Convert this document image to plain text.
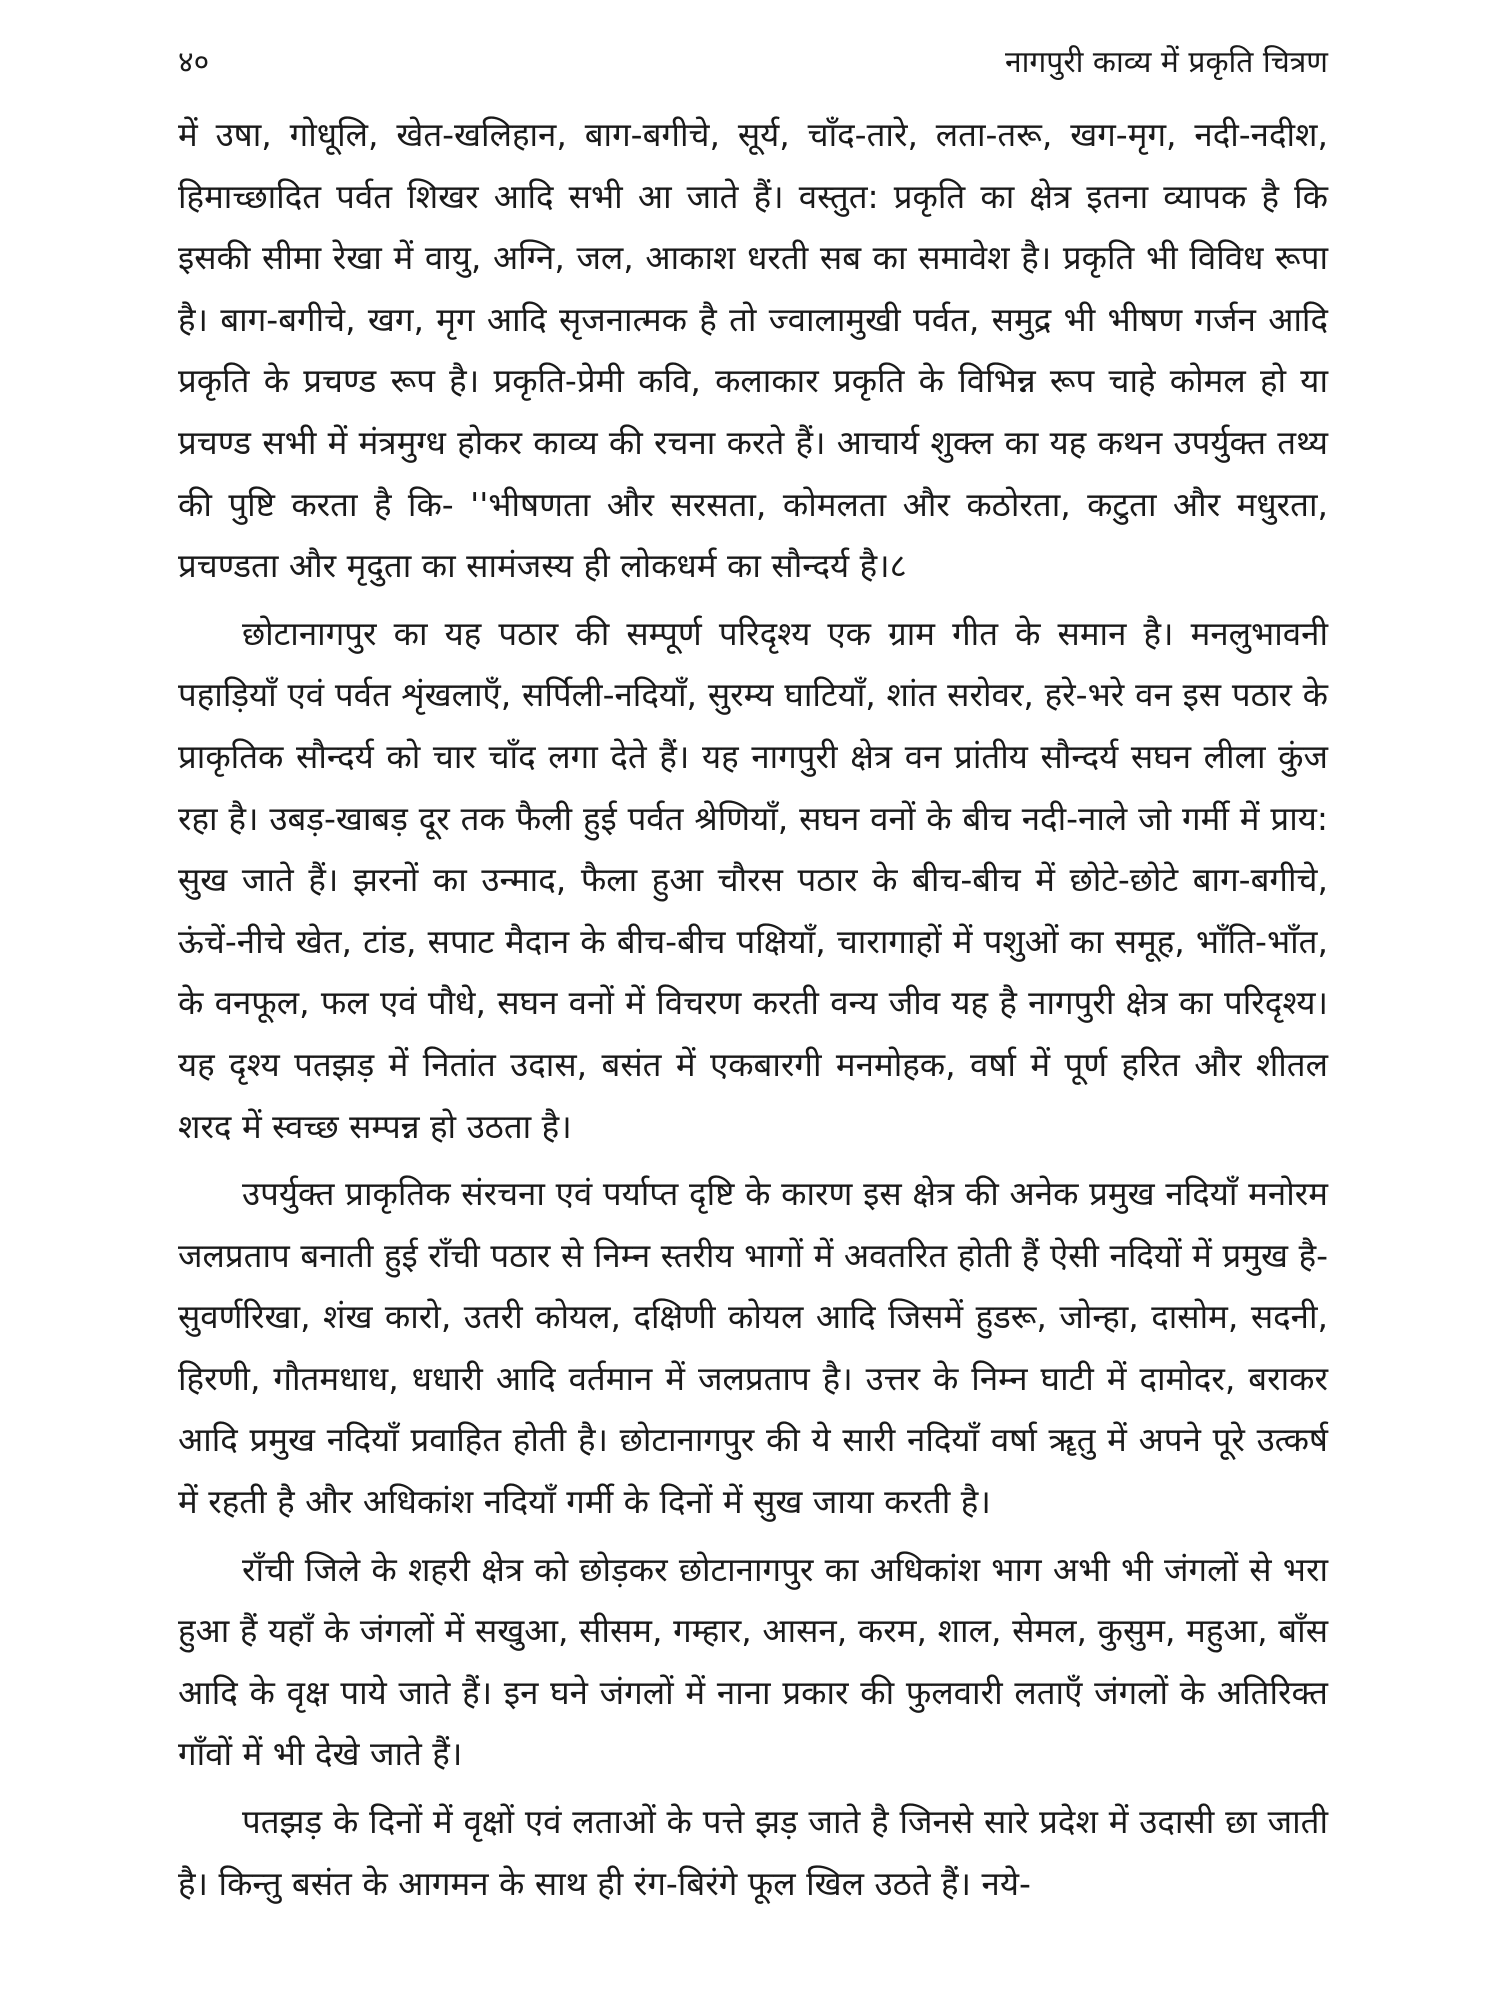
४०	नागपुरी काव्य में प्रकृति चित्रण

में उषा, गोधूलि, खेत-खलिहान, बाग-बगीचे, सूर्य, चाँद-तारे, लता-तरू, खग-मृग, नदी-नदीश, हिमाच्छादित पर्वत शिखर आदि सभी आ जाते हैं। वस्तुत: प्रकृति का क्षेत्र इतना व्यापक है कि इसकी सीमा रेखा में वायु, अग्नि, जल, आकाश धरती सब का समावेश है। प्रकृति भी विविध रूपा है। बाग-बगीचे, खग, मृग आदि सृजनात्मक है तो ज्वालामुखी पर्वत, समुद्र भी भीषण गर्जन आदि प्रकृति के प्रचण्ड रूप है। प्रकृति-प्रेमी कवि, कलाकार प्रकृति के विभिन्न रूप चाहे कोमल हो या प्रचण्ड सभी में मंत्रमुग्ध होकर काव्य की रचना करते हैं। आचार्य शुक्ल का यह कथन उपर्युक्त तथ्य की पुष्टि करता है कि- ''भीषणता और सरसता, कोमलता और कठोरता, कटुता और मधुरता, प्रचण्डता और मृदुता का सामंजस्य ही लोकधर्म का सौन्दर्य है।८

छोटानागपुर का यह पठार की सम्पूर्ण परिदृश्य एक ग्राम गीत के समान है। मनलुभावनी पहाड़ियाँ एवं पर्वत शृंखलाएँ, सर्पिली-नदियाँ, सुरम्य घाटियाँ, शांत सरोवर, हरे-भरे वन इस पठार के प्राकृतिक सौन्दर्य को चार चाँद लगा देते हैं। यह नागपुरी क्षेत्र वन प्रांतीय सौन्दर्य सघन लीला कुंज रहा है। उबड़-खाबड़ दूर तक फैली हुई पर्वत श्रेणियाँ, सघन वनों के बीच नदी-नाले जो गर्मी में प्राय: सुख जाते हैं। झरनों का उन्माद, फैला हुआ चौरस पठार के बीच-बीच में छोटे-छोटे बाग-बगीचे, ऊंचें-नीचे खेत, टांड, सपाट मैदान के बीच-बीच पक्षियाँ, चारागाहों में पशुओं का समूह, भाँति-भाँत, के वनफूल, फल एवं पौधे, सघन वनों में विचरण करती वन्य जीव यह है नागपुरी क्षेत्र का परिदृश्य। यह दृश्य पतझड़ में नितांत उदास, बसंत में एकबारगी मनमोहक, वर्षा में पूर्ण हरित और शीतल शरद में स्वच्छ सम्पन्न हो उठता है।

उपर्युक्त प्राकृतिक संरचना एवं पर्याप्त दृष्टि के कारण इस क्षेत्र की अनेक प्रमुख नदियाँ मनोरम जलप्रताप बनाती हुई राँची पठार से निम्न स्तरीय भागों में अवतरित होती हैं ऐसी नदियों में प्रमुख है- सुवर्णरिखा, शंख कारो, उतरी कोयल, दक्षिणी कोयल आदि जिसमें हुडरू, जोन्हा, दासोम, सदनी, हिरणी, गौतमधाध, धधारी आदि वर्तमान में जलप्रताप है। उत्तर के निम्न घाटी में दामोदर, बराकर आदि प्रमुख नदियाँ प्रवाहित होती है। छोटानागपुर की ये सारी नदियाँ वर्षा ॠतु में अपने पूरे उत्कर्ष में रहती है और अधिकांश नदियाँ गर्मी के दिनों में सुख जाया करती है।

राँची जिले के शहरी क्षेत्र को छोड़कर छोटानागपुर का अधिकांश भाग अभी भी जंगलों से भरा हुआ हैं यहाँ के जंगलों में सखुआ, सीसम, गम्हार, आसन, करम, शाल, सेमल, कुसुम, महुआ, बाँस आदि के वृक्ष पाये जाते हैं। इन घने जंगलों में नाना प्रकार की फुलवारी लताएँ जंगलों के अतिरिक्त गाँवों में भी देखे जाते हैं।

पतझड़ के दिनों में वृक्षों एवं लताओं के पत्ते झड़ जाते है जिनसे सारे प्रदेश में उदासी छा जाती है। किन्तु बसंत के आगमन के साथ ही रंग-बिरंगे फूल खिल उठते हैं। नये-
